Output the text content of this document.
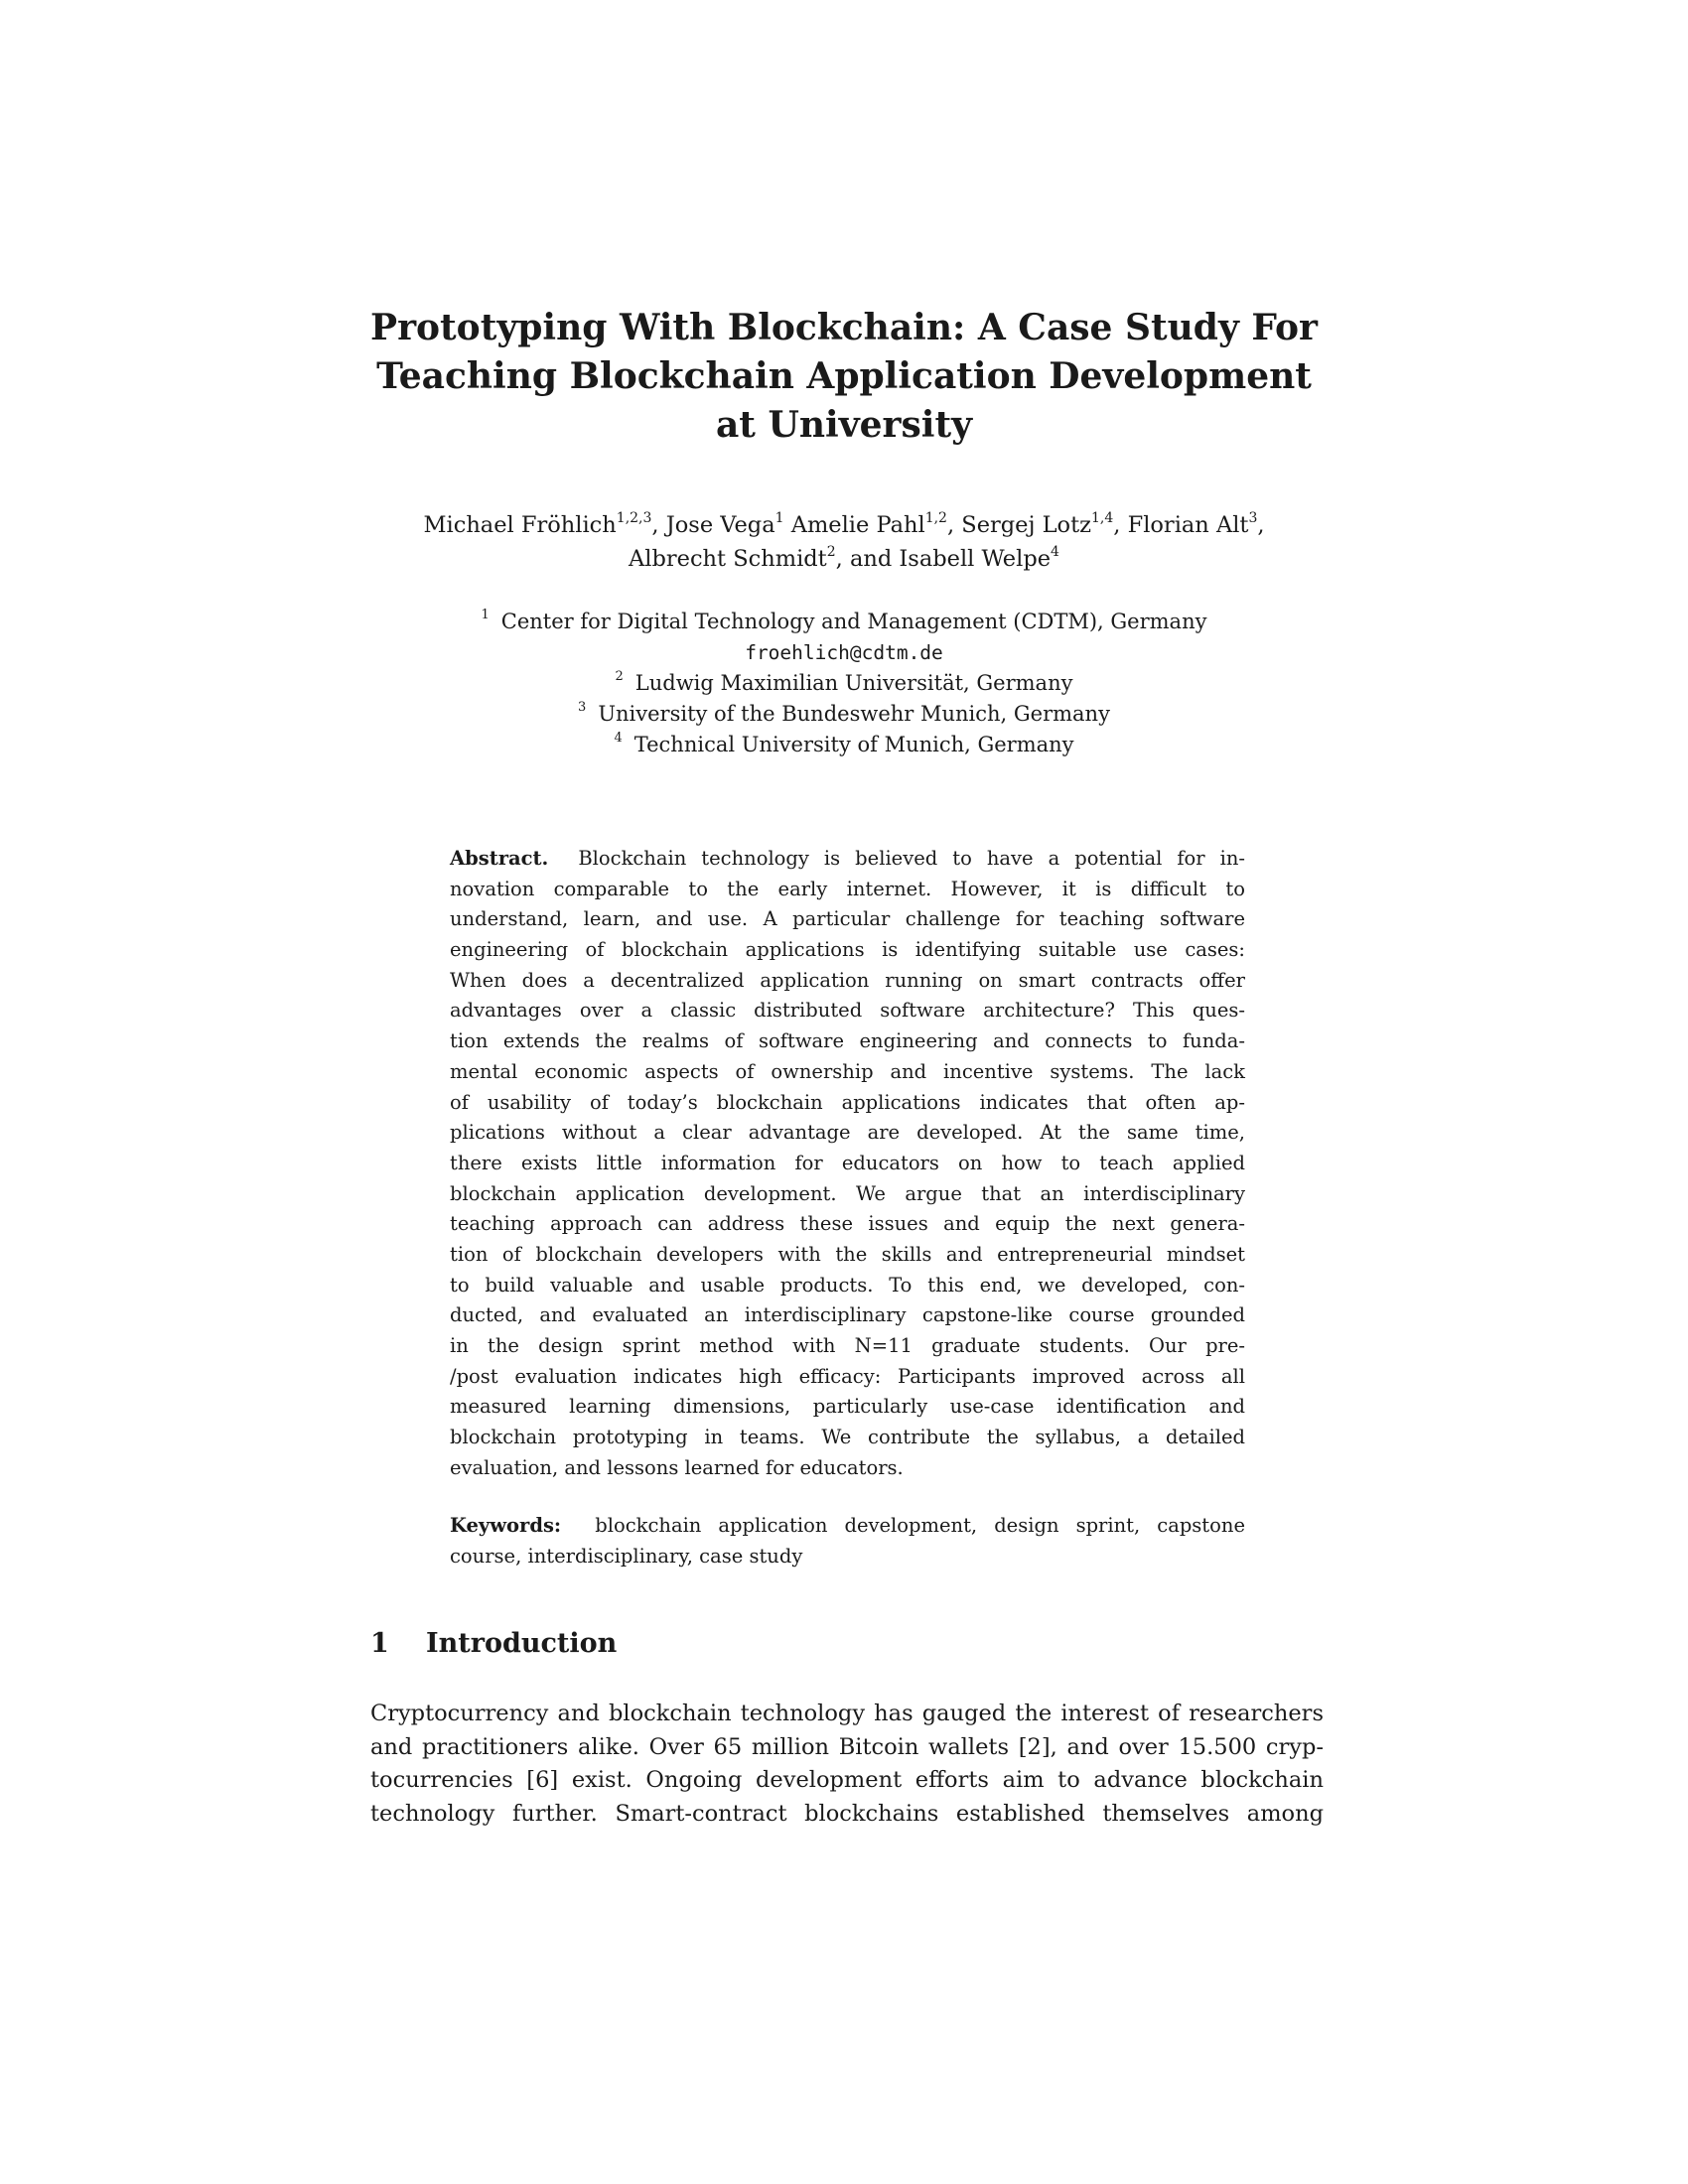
Prototyping With Blockchain: A Case Study For
Teaching Blockchain Application Development
at University
Michael Fröhlich$^{1,2,3}$, Jose Vega$^1$ Amelie Pahl$^{1,2}$, Sergej Lotz$^{1,4}$, Florian Alt$^3$,
Albrecht Schmidt$^2$, and Isabell Welpe$^4$
$^1$ Center for Digital Technology and Management (CDTM), Germany
froehlich@cdtm.de
$^2$ Ludwig Maximilian Universität, Germany
$^3$ University of the Bundeswehr Munich, Germany
$^4$ Technical University of Munich, Germany
Abstract. Blockchain technology is believed to have a potential for in-
novation comparable to the early internet. However, it is difficult to
understand, learn, and use. A particular challenge for teaching software
engineering of blockchain applications is identifying suitable use cases:
When does a decentralized application running on smart contracts offer
advantages over a classic distributed software architecture? This ques-
tion extends the realms of software engineering and connects to funda-
mental economic aspects of ownership and incentive systems. The lack
of usability of today’s blockchain applications indicates that often ap-
plications without a clear advantage are developed. At the same time,
there exists little information for educators on how to teach applied
blockchain application development. We argue that an interdisciplinary
teaching approach can address these issues and equip the next genera-
tion of blockchain developers with the skills and entrepreneurial mindset
to build valuable and usable products. To this end, we developed, con-
ducted, and evaluated an interdisciplinary capstone-like course grounded
in the design sprint method with N=11 graduate students. Our pre-
/post evaluation indicates high efficacy: Participants improved across all
measured learning dimensions, particularly use-case identification and
blockchain prototyping in teams. We contribute the syllabus, a detailed
evaluation, and lessons learned for educators.
Keywords: blockchain application development, design sprint, capstone
course, interdisciplinary, case study
1 Introduction
Cryptocurrency and blockchain technology has gauged the interest of researchers
and practitioners alike. Over 65 million Bitcoin wallets [2], and over 15.500 cryp-
tocurrencies [6] exist. Ongoing development efforts aim to advance blockchain
technology further. Smart-contract blockchains established themselves among
